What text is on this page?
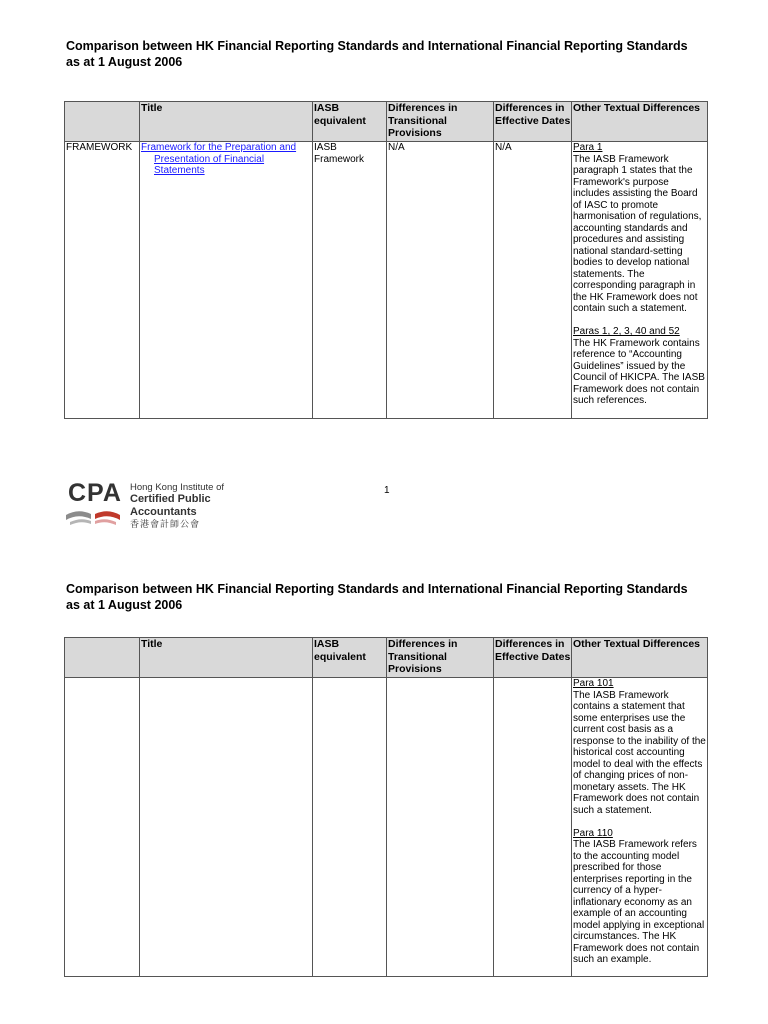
Comparison between HK Financial Reporting Standards and International Financial Reporting Standards
as at 1 August 2006
	Title	IASB equivalent	Differences in Transitional Provisions	Differences in Effective Dates	Other Textual Differences
FRAMEWORK	Framework for the Preparation and Presentation of Financial Statements	IASB Framework	N/A	N/A	Para 1
The IASB Framework paragraph 1 states that the Framework's purpose includes assisting the Board of IASC to promote harmonisation of regulations, accounting standards and procedures and assisting national standard-setting bodies to develop national statements. The corresponding paragraph in the HK Framework does not contain such a statement.
Paras 1, 2, 3, 40 and 52
The HK Framework contains reference to “Accounting Guidelines” issued by the Council of HKICPA. The IASB Framework does not contain such references.
CPA Hong Kong Institute of
Certified Public Accountants
香港會計師公會
1
Comparison between HK Financial Reporting Standards and International Financial Reporting Standards
as at 1 August 2006
	Title	IASB equivalent	Differences in Transitional Provisions	Differences in Effective Dates	Other Textual Differences

					Para 101
The IASB Framework contains a statement that some enterprises use the current cost basis as a response to the inability of the historical cost accounting model to deal with the effects of changing prices of non-monetary assets. The HK Framework does not contain such a statement.
Para 110
The IASB Framework refers to the accounting model prescribed for those enterprises reporting in the currency of a hyper-inflationary economy as an example of an accounting model applying in exceptional circumstances. The HK Framework does not contain such an example.
